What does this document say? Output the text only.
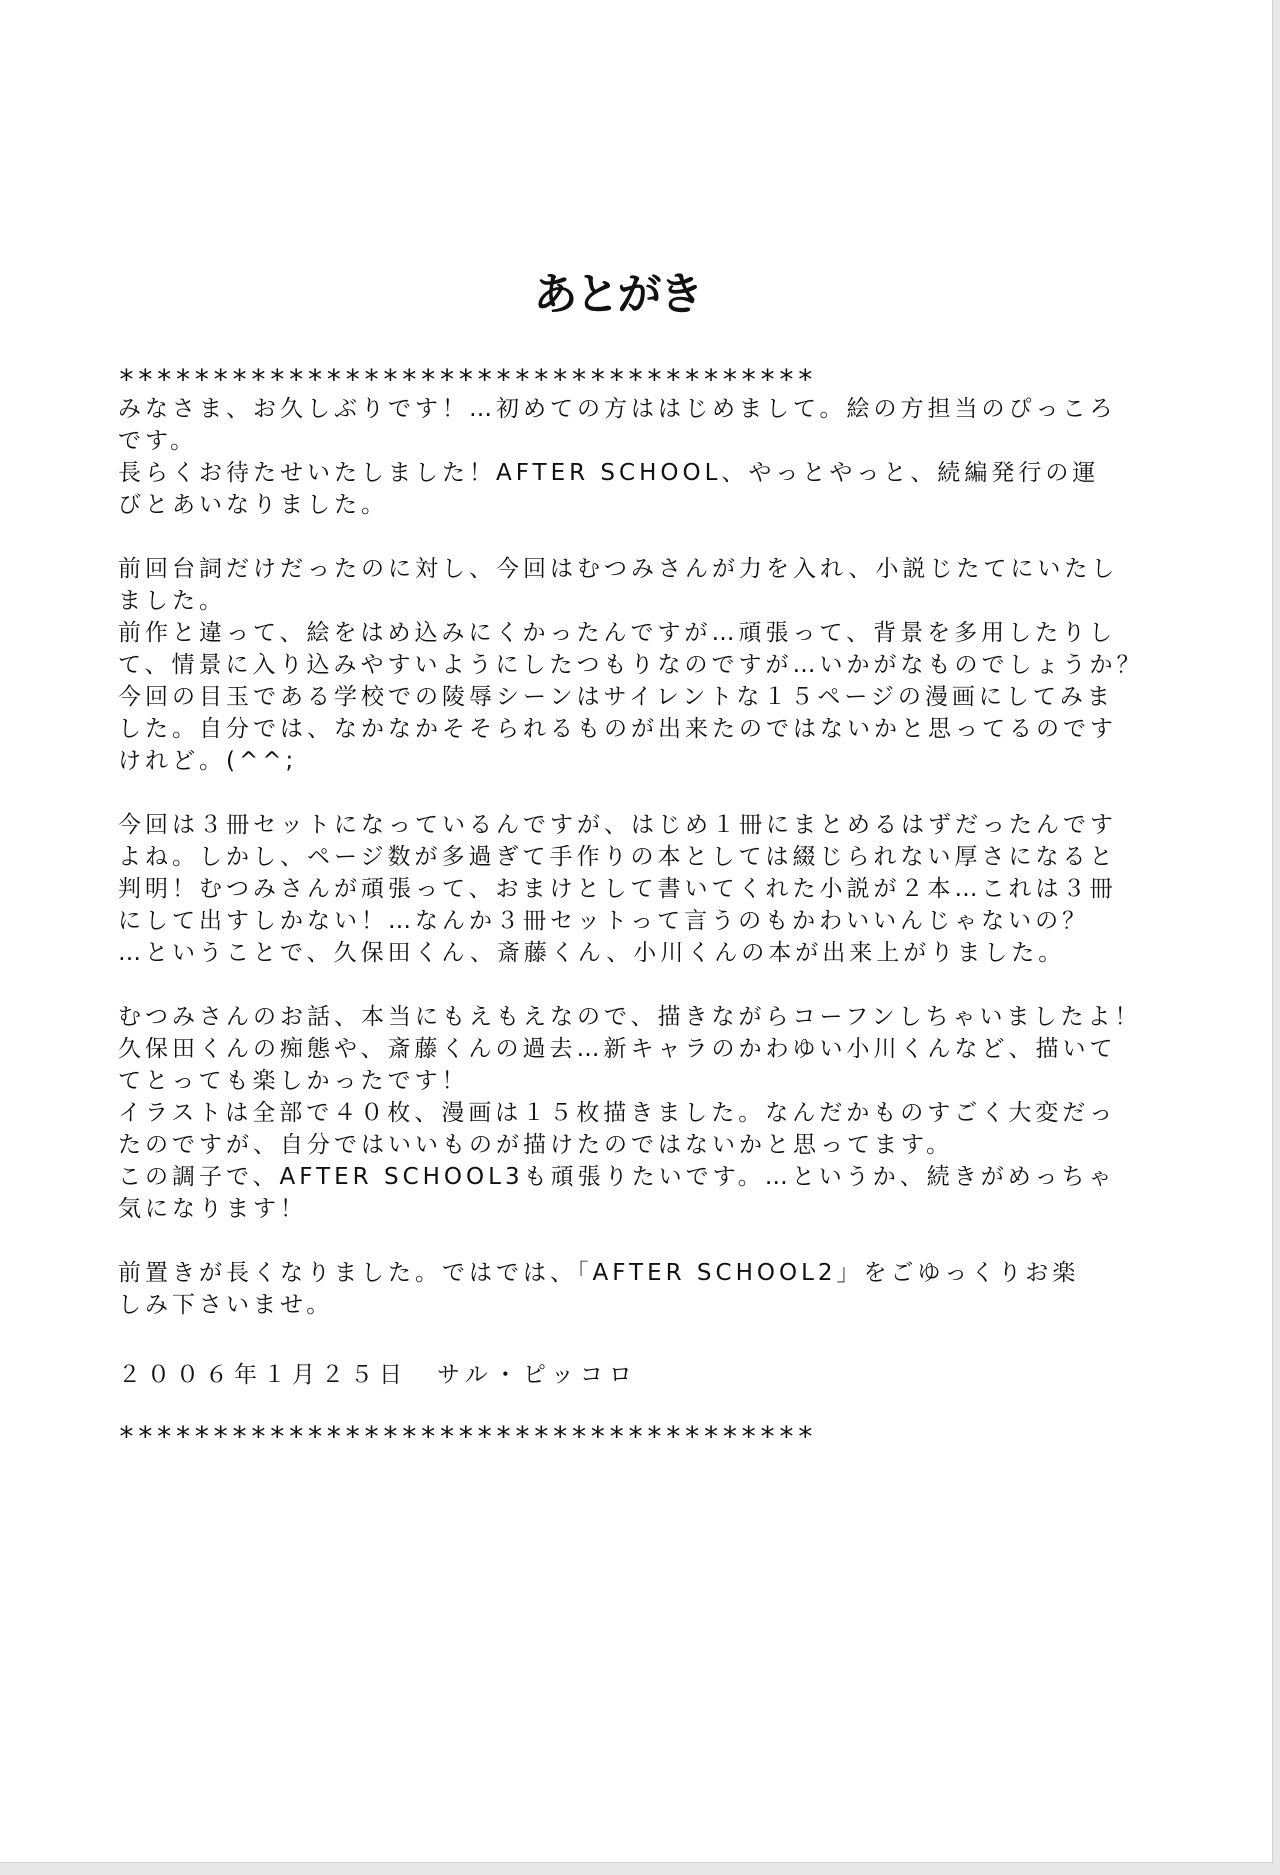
あとがき
*************************************
みなさま、お久しぶりです！…初めての方ははじめまして。絵の方担当のぴっころ
です。
長らくお待たせいたしました！AFTER SCHOOL、やっとやっと、続編発行の運
びとあいなりました。
前回台詞だけだったのに対し、今回はむつみさんが力を入れ、小説じたてにいたし
ました。
前作と違って、絵をはめ込みにくかったんですが…頑張って、背景を多用したりし
て、情景に入り込みやすいようにしたつもりなのですが…いかがなものでしょうか？
今回の目玉である学校での陵辱シーンはサイレントな１５ページの漫画にしてみま
した。自分では、なかなかそそられるものが出来たのではないかと思ってるのです
けれど。(^^;
今回は３冊セットになっているんですが、はじめ１冊にまとめるはずだったんです
よね。しかし、ページ数が多過ぎて手作りの本としては綴じられない厚さになると
判明！むつみさんが頑張って、おまけとして書いてくれた小説が２本…これは３冊
にして出すしかない！…なんか３冊セットって言うのもかわいいんじゃないの？
…ということで、久保田くん、斎藤くん、小川くんの本が出来上がりました。
むつみさんのお話、本当にもえもえなので、描きながらコーフンしちゃいましたよ！
久保田くんの痴態や、斎藤くんの過去…新キャラのかわゆい小川くんなど、描いて
てとっても楽しかったです！
イラストは全部で４０枚、漫画は１５枚描きました。なんだかものすごく大変だっ
たのですが、自分ではいいものが描けたのではないかと思ってます。
この調子で、AFTER SCHOOL3も頑張りたいです。…というか、続きがめっちゃ
気になります！
前置きが長くなりました。ではでは、「AFTER SCHOOL2」をごゆっくりお楽
しみ下さいませ。
２００６年１月２５日　サル・ピッコロ
*************************************
